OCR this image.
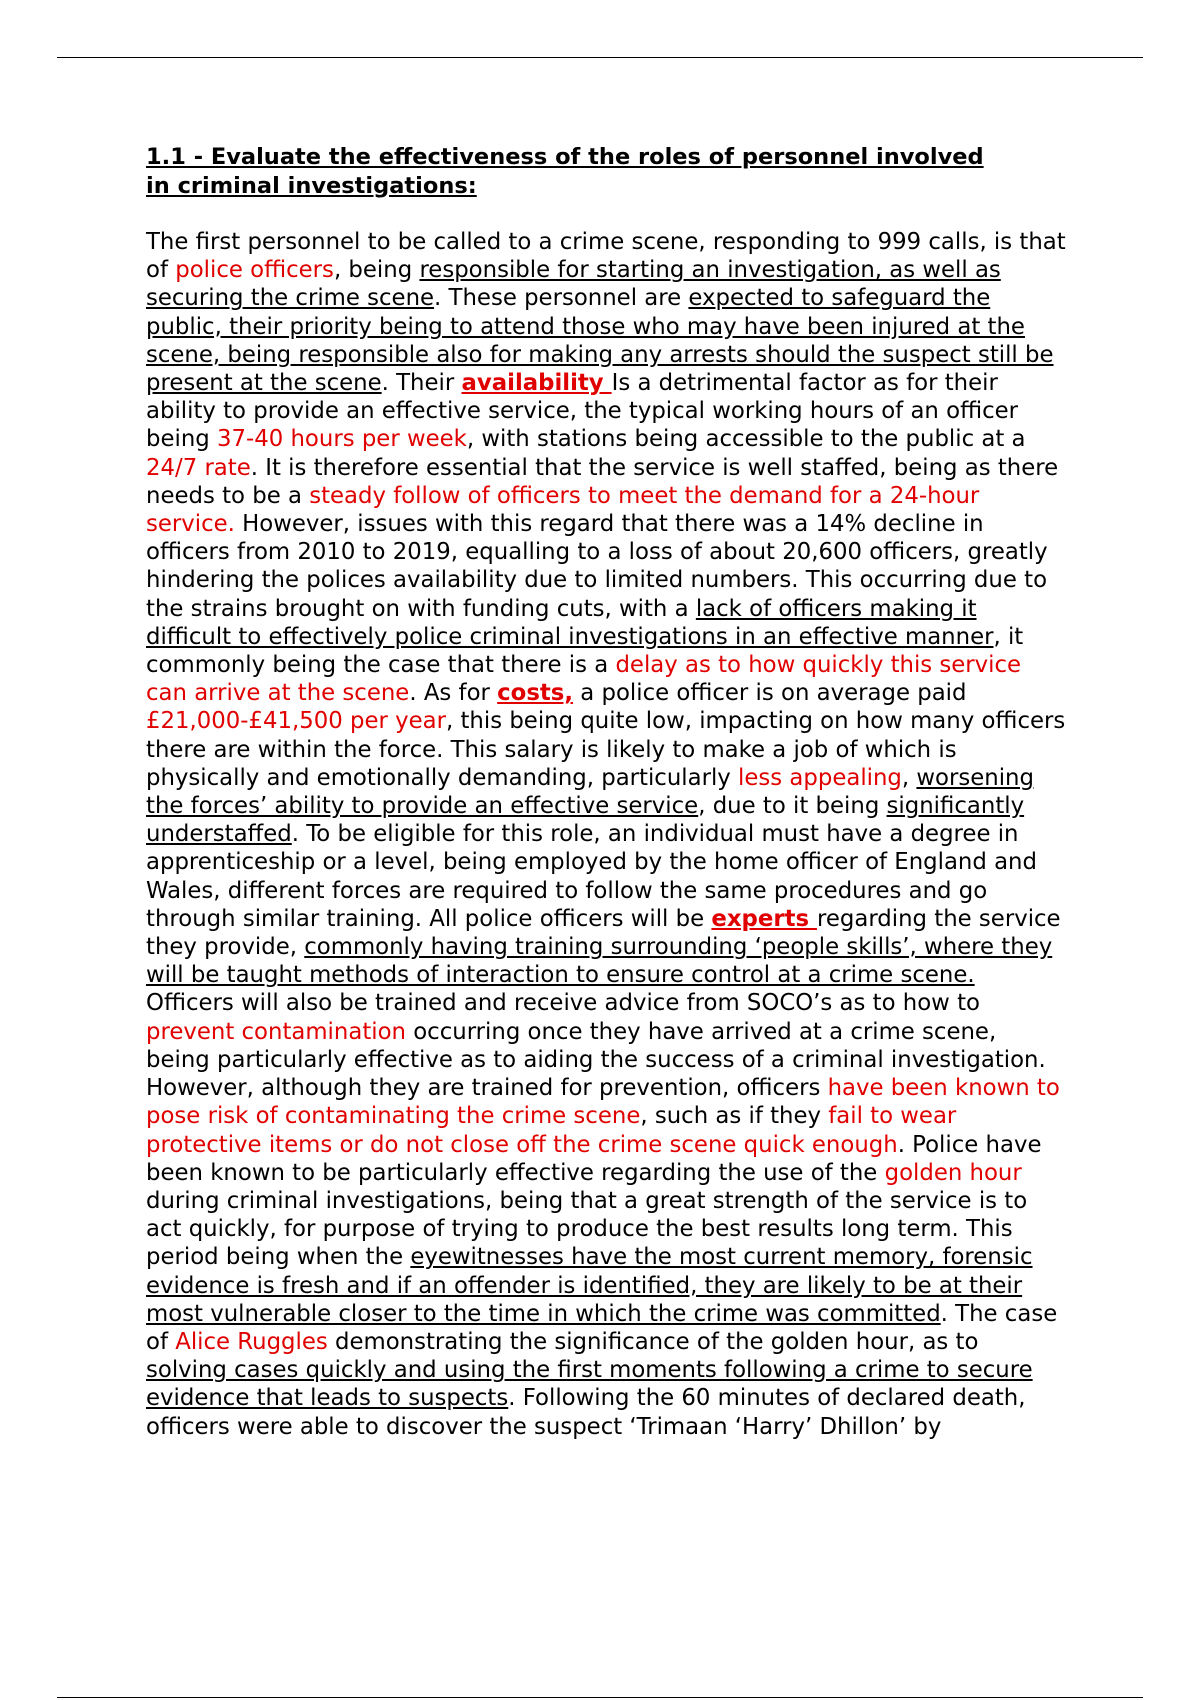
1.1 - Evaluate the effectiveness of the roles of personnel involved
in criminal investigations:

The first personnel to be called to a crime scene, responding to 999 calls, is that of police officers, being responsible for starting an investigation, as well as securing the crime scene. These personnel are expected to safeguard the public, their priority being to attend those who may have been injured at the scene, being responsible also for making any arrests should the suspect still be present at the scene. Their availability Is a detrimental factor as for their ability to provide an effective service, the typical working hours of an officer being 37-40 hours per week, with stations being accessible to the public at a 24/7 rate. It is therefore essential that the service is well staffed, being as there needs to be a steady follow of officers to meet the demand for a 24-hour service. However, issues with this regard that there was a 14% decline in officers from 2010 to 2019, equalling to a loss of about 20,600 officers, greatly hindering the polices availability due to limited numbers. This occurring due to the strains brought on with funding cuts, with a lack of officers making it difficult to effectively police criminal investigations in an effective manner, it commonly being the case that there is a delay as to how quickly this service can arrive at the scene. As for costs, a police officer is on average paid £21,000-£41,500 per year, this being quite low, impacting on how many officers there are within the force. This salary is likely to make a job of which is physically and emotionally demanding, particularly less appealing, worsening the forces’ ability to provide an effective service, due to it being significantly understaffed. To be eligible for this role, an individual must have a degree in apprenticeship or a level, being employed by the home officer of England and Wales, different forces are required to follow the same procedures and go through similar training. All police officers will be experts regarding the service they provide, commonly having training surrounding ‘people skills’, where they will be taught methods of interaction to ensure control at a crime scene. Officers will also be trained and receive advice from SOCO’s as to how to prevent contamination occurring once they have arrived at a crime scene, being particularly effective as to aiding the success of a criminal investigation. However, although they are trained for prevention, officers have been known to pose risk of contaminating the crime scene, such as if they fail to wear protective items or do not close off the crime scene quick enough. Police have been known to be particularly effective regarding the use of the golden hour during criminal investigations, being that a great strength of the service is to act quickly, for purpose of trying to produce the best results long term. This period being when the eyewitnesses have the most current memory, forensic evidence is fresh and if an offender is identified, they are likely to be at their most vulnerable closer to the time in which the crime was committed. The case of Alice Ruggles demonstrating the significance of the golden hour, as to solving cases quickly and using the first moments following a crime to secure evidence that leads to suspects. Following the 60 minutes of declared death, officers were able to discover the suspect ‘Trimaan ‘Harry’ Dhillon’ by
